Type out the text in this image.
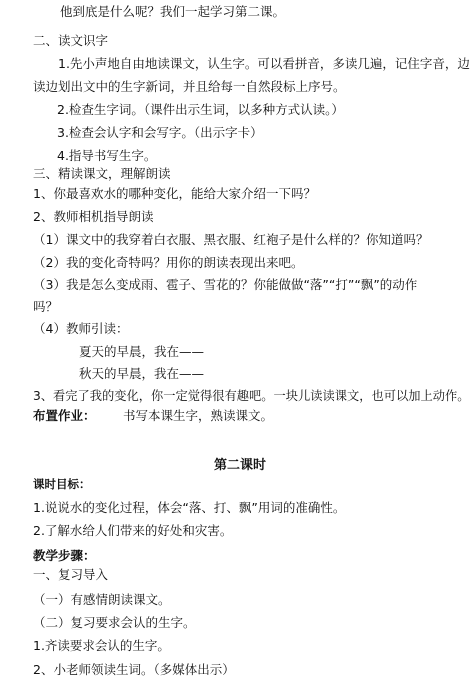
他到底是什么呢？我们一起学习第二课。
二、读文识字
1.先小声地自由地读课文，认生字。可以看拼音，多读几遍，记住字音，边
读边划出文中的生字新词，并且给每一自然段标上序号。
2.检查生字词。（课件出示生词，以多种方式认读。）
3.检查会认字和会写字。（出示字卡）
4.指导书写生字。
三、精读课文，理解朗读
1、你最喜欢水的哪种变化，能给大家介绍一下吗？
2、教师相机指导朗读
（1）课文中的我穿着白衣服、黑衣服、红袍子是什么样的？你知道吗？
（2）我的变化奇特吗？用你的朗读表现出来吧。
（3）我是怎么变成雨、雹子、雪花的？你能做做“落”“打”“飘”的动作
吗？
（4）教师引读：
夏天的早晨，我在——
秋天的早晨，我在——
3、看完了我的变化，你一定觉得很有趣吧。一块儿读读课文，也可以加上动作。
布置作业： 书写本课生字，熟读课文。
第二课时
课时目标：
1.说说水的变化过程，体会“落、打、飘”用词的准确性。
2.了解水给人们带来的好处和灾害。
教学步骤：
一、复习导入
（一）有感情朗读课文。
（二）复习要求会认的生字。
1.齐读要求会认的生字。
2、小老师领读生词。（多媒体出示）
